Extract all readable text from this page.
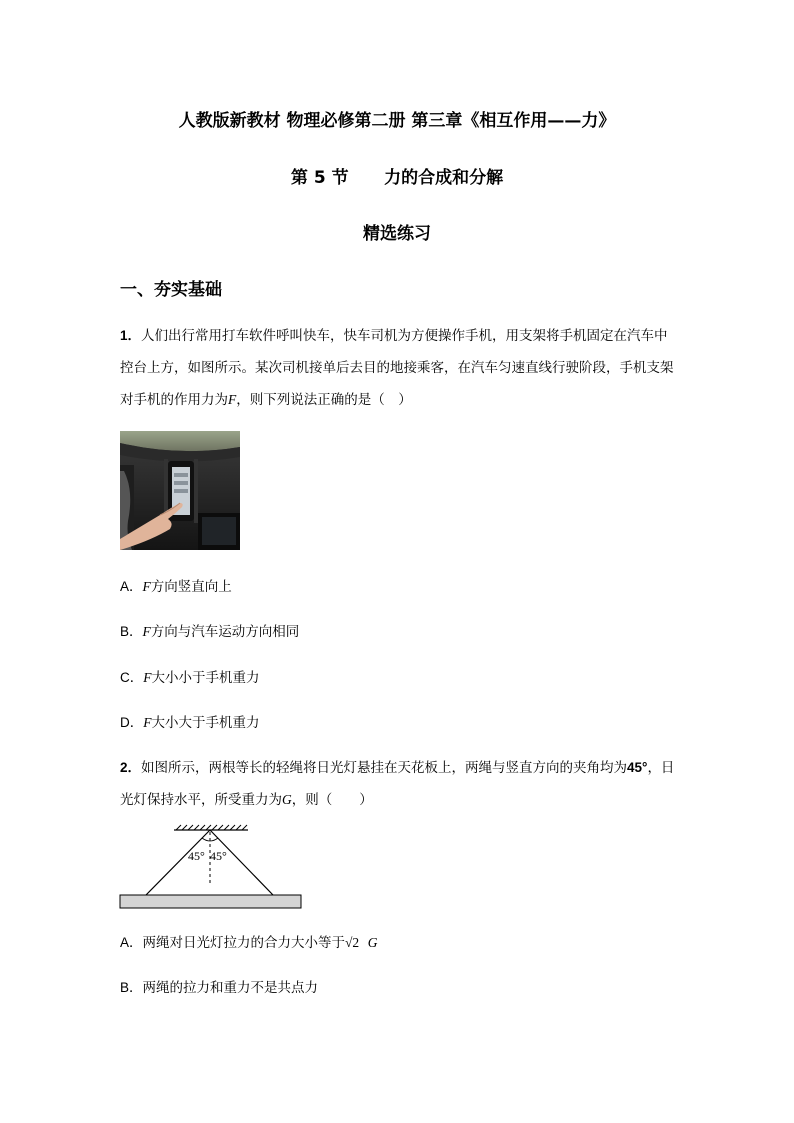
人教版新教材 物理必修第二册 第三章《相互作用——力》
第 5 节      力的合成和分解
精选练习
一、夯实基础
1．人们出行常用打车软件呼叫快车，快车司机为方便操作手机，用支架将手机固定在汽车中控台上方，如图所示。某次司机接单后去目的地接乘客，在汽车匀速直线行驶阶段，手机支架对手机的作用力为F，则下列说法正确的是（　）
A．F方向竖直向上
B．F方向与汽车运动方向相同
C．F大小小于手机重力
D．F大小大于手机重力
2．如图所示，两根等长的轻绳将日光灯悬挂在天花板上，两绳与竖直方向的夹角均为45°，日光灯保持水平，所受重力为G，则（　　）
45° 45°
A．两绳对日光灯拉力的合力大小等于√2 G
B．两绳的拉力和重力不是共点力
